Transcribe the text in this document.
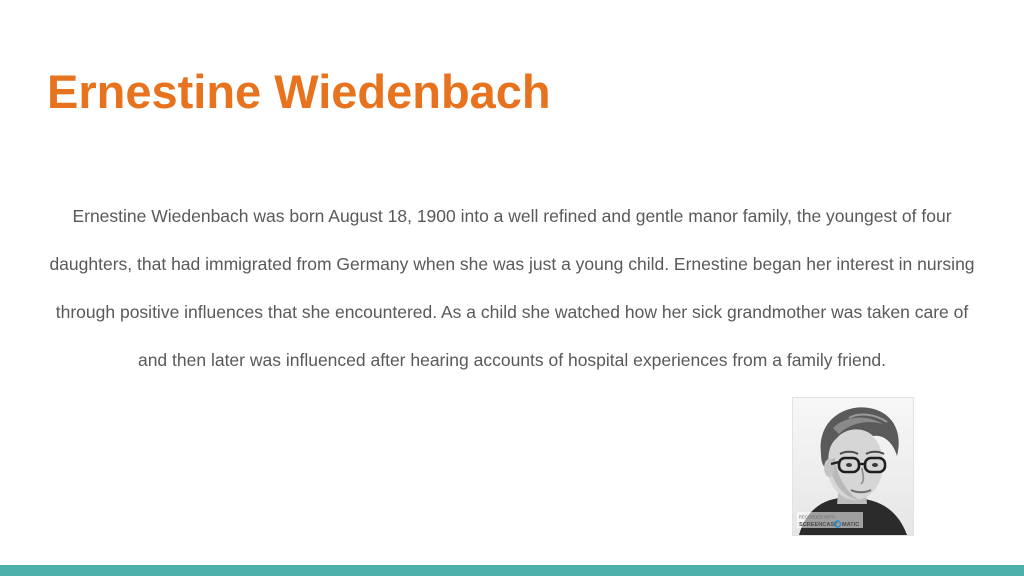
Ernestine Wiedenbach

Ernestine Wiedenbach was born August 18, 1900 into a well refined and gentle manor family, the youngest of four daughters, that had immigrated from Germany when she was just a young child. Ernestine began her interest in nursing through positive influences that she encountered. As a child she watched how her sick grandmother was taken care of and then later was influenced after hearing accounts of hospital experiences from a family friend.

RECORDED WITH
SCREENCAST MATIC
